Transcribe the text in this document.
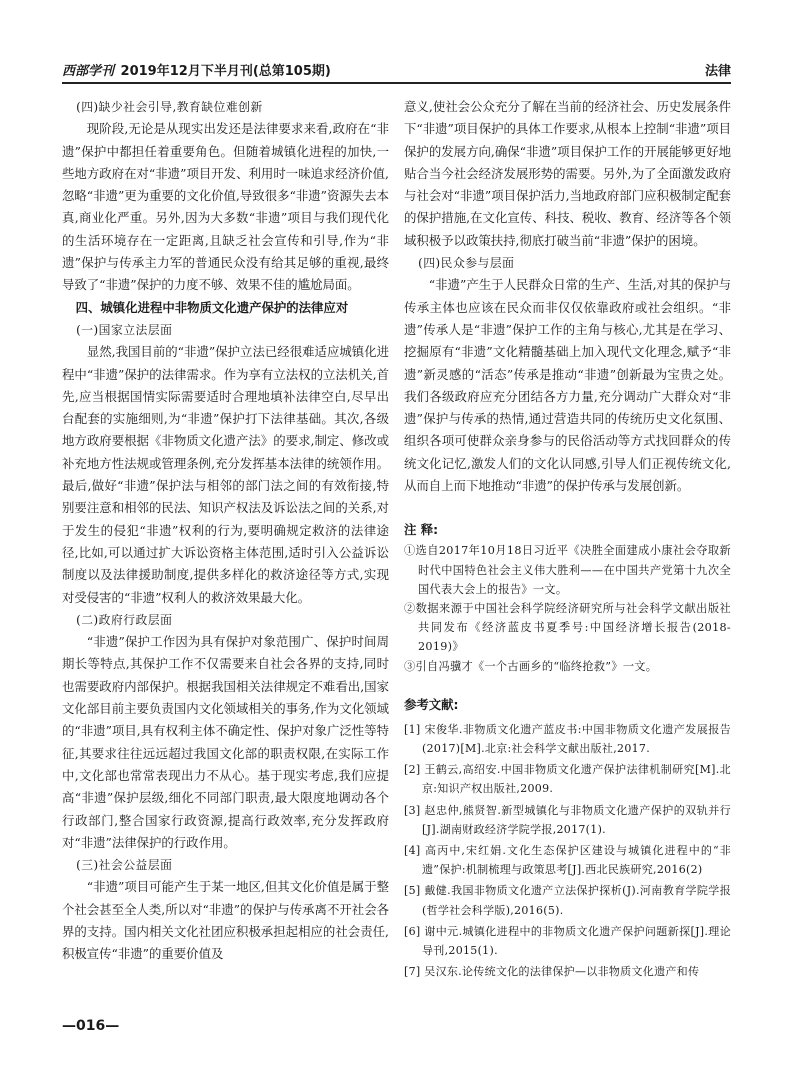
西部学刊 2019年12月下半月刊(总第105期)	法律

(四)缺少社会引导,教育缺位难创新

现阶段,无论是从现实出发还是法律要求来看,政府在“非遗”保护中都担任着重要角色。但随着城镇化进程的加快,一些地方政府在对“非遗”项目开发、利用时一味追求经济价值,忽略“非遗”更为重要的文化价值,导致很多“非遗”资源失去本真,商业化严重。另外,因为大多数“非遗”项目与我们现代化的生活环境存在一定距离,且缺乏社会宣传和引导,作为“非遗”保护与传承主力军的普通民众没有给其足够的重视,最终导致了“非遗”保护的力度不够、效果不佳的尴尬局面。

四、城镇化进程中非物质文化遗产保护的法律应对

(一)国家立法层面

显然,我国目前的“非遗”保护立法已经很难适应城镇化进程中“非遗”保护的法律需求。作为享有立法权的立法机关,首先,应当根据国情实际需要适时合理地填补法律空白,尽早出台配套的实施细则,为“非遗”保护打下法律基础。其次,各级地方政府要根据《非物质文化遗产法》的要求,制定、修改或补充地方性法规或管理条例,充分发挥基本法律的统领作用。最后,做好“非遗”保护法与相邻的部门法之间的有效衔接,特别要注意和相邻的民法、知识产权法及诉讼法之间的关系,对于发生的侵犯“非遗”权利的行为,要明确规定救济的法律途径,比如,可以通过扩大诉讼资格主体范围,适时引入公益诉讼制度以及法律援助制度,提供多样化的救济途径等方式,实现对受侵害的“非遗”权利人的救济效果最大化。

(二)政府行政层面

“非遗”保护工作因为具有保护对象范围广、保护时间周期长等特点,其保护工作不仅需要来自社会各界的支持,同时也需要政府内部保护。根据我国相关法律规定不难看出,国家文化部目前主要负责国内文化领域相关的事务,作为文化领域的“非遗”项目,具有权利主体不确定性、保护对象广泛性等特征,其要求往往远远超过我国文化部的职责权限,在实际工作中,文化部也常常表现出力不从心。基于现实考虑,我们应提高“非遗”保护层级,细化不同部门职责,最大限度地调动各个行政部门,整合国家行政资源,提高行政效率,充分发挥政府对“非遗”法律保护的行政作用。

(三)社会公益层面

“非遗”项目可能产生于某一地区,但其文化价值是属于整个社会甚至全人类,所以对“非遗”的保护与传承离不开社会各界的支持。国内相关文化社团应积极承担起相应的社会责任,积极宣传“非遗”的重要价值及

意义,使社会公众充分了解在当前的经济社会、历史发展条件下“非遗”项目保护的具体工作要求,从根本上控制“非遗”项目保护的发展方向,确保“非遗”项目保护工作的开展能够更好地贴合当今社会经济发展形势的需要。另外,为了全面激发政府与社会对“非遗”项目保护活力,当地政府部门应积极制定配套的保护措施,在文化宣传、科技、税收、教育、经济等各个领域积极予以政策扶持,彻底打破当前“非遗”保护的困境。

(四)民众参与层面

“非遗”产生于人民群众日常的生产、生活,对其的保护与传承主体也应该在民众而非仅仅依靠政府或社会组织。“非遗”传承人是“非遗”保护工作的主角与核心,尤其是在学习、挖掘原有“非遗”文化精髓基础上加入现代文化理念,赋予“非遗”新灵感的“活态”传承是推动“非遗”创新最为宝贵之处。我们各级政府应充分团结各方力量,充分调动广大群众对“非遗”保护与传承的热情,通过营造共同的传统历史文化氛围、组织各项可使群众亲身参与的民俗活动等方式找回群众的传统文化记忆,激发人们的文化认同感,引导人们正视传统文化,从而自上而下地推动“非遗”的保护传承与发展创新。

注 释:

①选自2017年10月18日习近平《决胜全面建成小康社会夺取新时代中国特色社会主义伟大胜利——在中国共产党第十九次全国代表大会上的报告》一文。

②数据来源于中国社会科学院经济研究所与社会科学文献出版社共同发布《经济蓝皮书夏季号:中国经济增长报告(2018-2019)》

③引自冯骥才《一个古画乡的“临终抢救”》一文。

参考文献:

[1] 宋俊华.非物质文化遗产蓝皮书:中国非物质文化遗产发展报告(2017)[M].北京:社会科学文献出版社,2017.

[2] 王鹤云,高绍安.中国非物质文化遗产保护法律机制研究[M].北京:知识产权出版社,2009.

[3] 赵忠仲,熊贤智.新型城镇化与非物质文化遗产保护的双轨并行[J].湖南财政经济学院学报,2017(1).

[4] 高丙中,宋红娟.文化生态保护区建设与城镇化进程中的“非遗”保护:机制梳理与政策思考[J].西北民族研究,2016(2)

[5] 戴健.我国非物质文化遗产立法保护探析(J).河南教育学院学报(哲学社会科学版),2016(5).

[6] 谢中元.城镇化进程中的非物质文化遗产保护问题新探[J].理论导刊,2015(1).

[7] 吴汉东.论传统文化的法律保护—以非物质文化遗产和传

—016—
